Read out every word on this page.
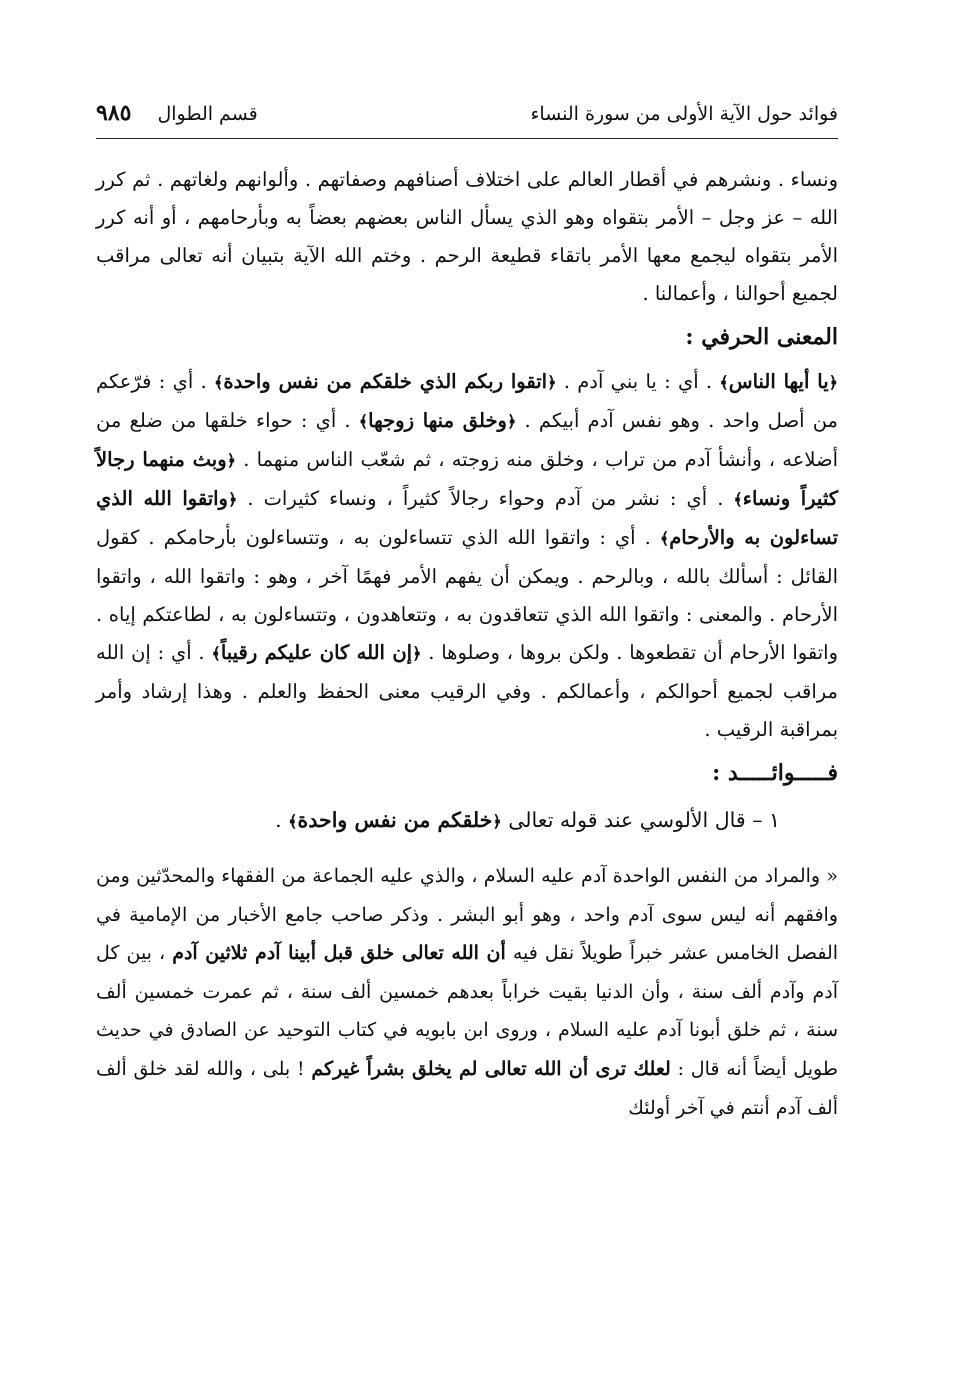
فوائد حول الآية الأولى من سورة النساء
قسم الطوال
٩٨٥

ونساء . ونشرهم في أقطار العالم على اختلاف أصنافهم وصفاتهم . وألوانهم ولغاتهم . ثم كرر الله – عز وجل – الأمر بتقواه وهو الذي يسأل الناس بعضهم بعضاً به وبأرحامهم ، أو أنه كرر الأمر بتقواه ليجمع معها الأمر باتقاء قطيعة الرحم . وختم الله الآية بتبيان أنه تعالى مراقب لجميع أحوالنا ، وأعمالنا .

المعنى الحرفي :

﴿يا أيها الناس﴾ . أي : يا بني آدم . ﴿اتقوا ربكم الذي خلقكم من نفس واحدة﴾ . أي : فرّعكم من أصل واحد . وهو نفس آدم أبيكم . ﴿وخلق منها زوجها﴾ . أي : حواء خلقها من ضلع من أضلاعه ، وأنشأ آدم من تراب ، وخلق منه زوجته ، ثم شعّب الناس منهما . ﴿وبث منهما رجالاً كثيراً ونساء﴾ . أي : نشر من آدم وحواء رجالاً كثيراً ، ونساء كثيرات . ﴿واتقوا الله الذي تساءلون به والأرحام﴾ . أي : واتقوا الله الذي تتساءلون به ، وتتساءلون بأرحامكم . كقول القائل : أسألك بالله ، وبالرحم . ويمكن أن يفهم الأمر فهمًا آخر ، وهو : واتقوا الله ، واتقوا الأرحام . والمعنى : واتقوا الله الذي تتعاقدون به ، وتتعاهدون ، وتتساءلون به ، لطاعتكم إياه . واتقوا الأرحام أن تقطعوها . ولكن بروها ، وصلوها . ﴿إن الله كان عليكم رقيباً﴾ . أي : إن الله مراقب لجميع أحوالكم ، وأعمالكم . وفي الرقيب معنى الحفظ والعلم . وهذا إرشاد وأمر بمراقبة الرقيب .

فـــــوائـــــد :
١ – قال الألوسي عند قوله تعالى ﴿خلقكم من نفس واحدة﴾ .

« والمراد من النفس الواحدة آدم عليه السلام ، والذي عليه الجماعة من الفقهاء والمحدّثين ومن وافقهم أنه ليس سوى آدم واحد ، وهو أبو البشر . وذكر صاحب جامع الأخبار من الإمامية في الفصل الخامس عشر خبراً طويلاً نقل فيه أن الله تعالى خلق قبل أبينا آدم ثلاثين آدم ، بين كل آدم وآدم ألف سنة ، وأن الدنيا بقيت خراباً بعدهم خمسين ألف سنة ، ثم عمرت خمسين ألف سنة ، ثم خلق أبونا آدم عليه السلام ، وروى ابن بابويه في كتاب التوحيد عن الصادق في حديث طويل أيضاً أنه قال : لعلك ترى أن الله تعالى لم يخلق بشراً غيركم ! بلى ، والله لقد خلق ألف ألف آدم أنتم في آخر أولئك
